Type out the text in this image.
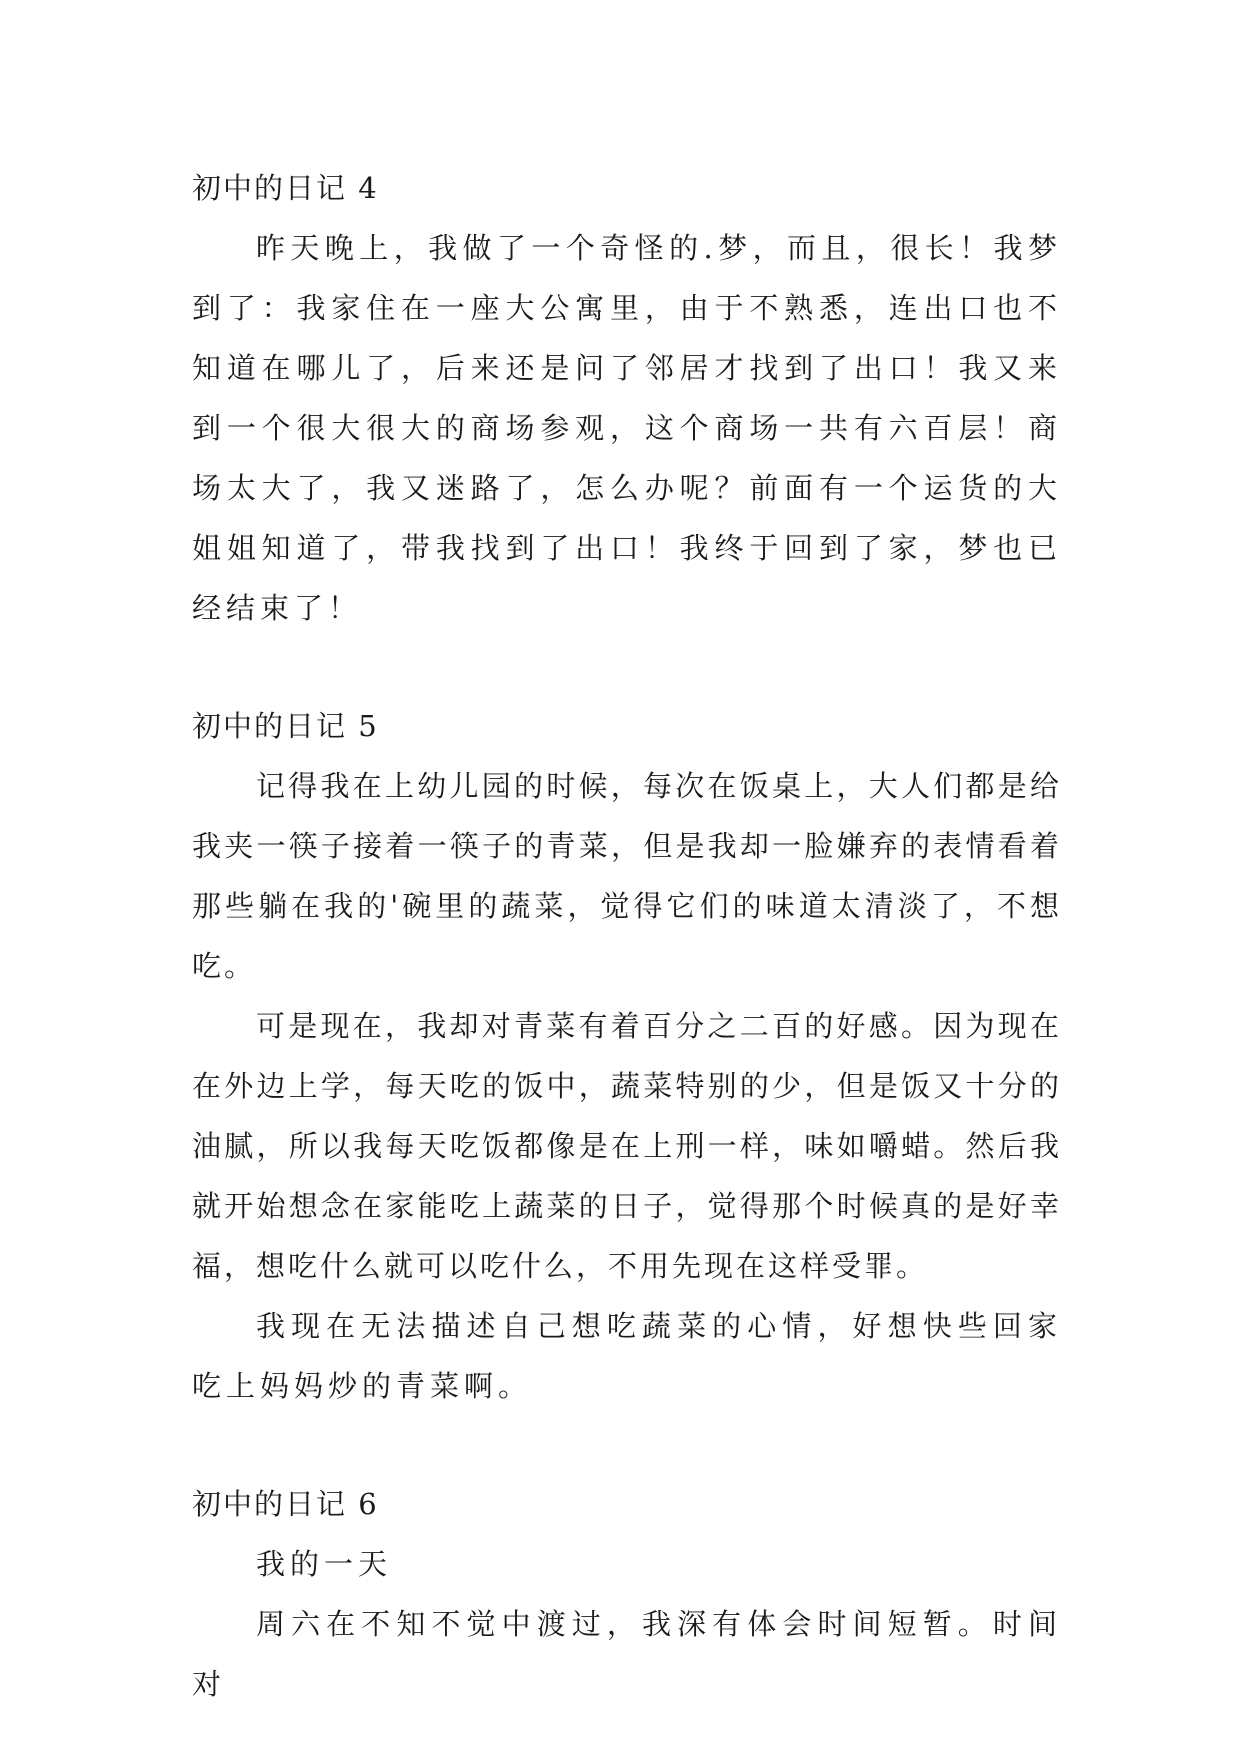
初中的日记 4

昨天晚上，我做了一个奇怪的.梦，而且，很长！我梦到了：我家住在一座大公寓里，由于不熟悉，连出口也不知道在哪儿了，后来还是问了邻居才找到了出口！我又来到一个很大很大的商场参观，这个商场一共有六百层！商场太大了，我又迷路了，怎么办呢？前面有一个运货的大姐姐知道了，带我找到了出口！我终于回到了家，梦也已经结束了！

初中的日记 5

记得我在上幼儿园的时候，每次在饭桌上，大人们都是给我夹一筷子接着一筷子的青菜，但是我却一脸嫌弃的表情看着那些躺在我的'碗里的蔬菜，觉得它们的味道太清淡了，不想吃。

可是现在，我却对青菜有着百分之二百的好感。因为现在在外边上学，每天吃的饭中，蔬菜特别的少，但是饭又十分的油腻，所以我每天吃饭都像是在上刑一样，味如嚼蜡。然后我就开始想念在家能吃上蔬菜的日子，觉得那个时候真的是好幸福，想吃什么就可以吃什么，不用先现在这样受罪。

我现在无法描述自己想吃蔬菜的心情，好想快些回家吃上妈妈炒的青菜啊。

初中的日记 6

我的一天

周六在不知不觉中渡过，我深有体会时间短暂。时间对
